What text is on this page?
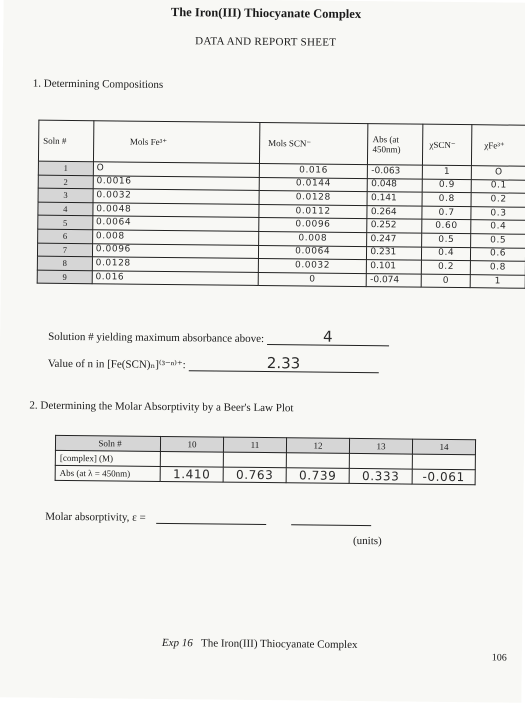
The Iron(III) Thiocyanate Complex
DATA AND REPORT SHEET
1. Determining Compositions
Soln #	Mols Fe³⁺	Mols SCN⁻	Abs (at 450nm)	χSCN⁻	χFe³⁺
1	O	0.016	-0.063	1	O
2	0.0016	0.0144	0.048	0.9	0.1
3	0.0032	0.0128	0.141	0.8	0.2
4	0.0048	0.0112	0.264	0.7	0.3
5	0.0064	0.0096	0.252	0.60	0.4
6	0.008	0.008	0.247	0.5	0.5
7	0.0096	0.0064	0.231	0.4	0.6
8	0.0128	0.0032	0.101	0.2	0.8
9	0.016	0	-0.074	0	1
Solution # yielding maximum absorbance above:	4
Value of n in [Fe(SCN)ₙ]⁽³⁻ⁿ⁾⁺:	2.33
2. Determining the Molar Absorptivity by a Beer's Law Plot
Soln #	10	11	12	13	14
[complex] (M)					
Abs (at λ = 450nm)	1.410	0.763	0.739	0.333	-0.061
Molar absorptivity, ε =
(units)
Exp 16 The Iron(III) Thiocyanate Complex
106
